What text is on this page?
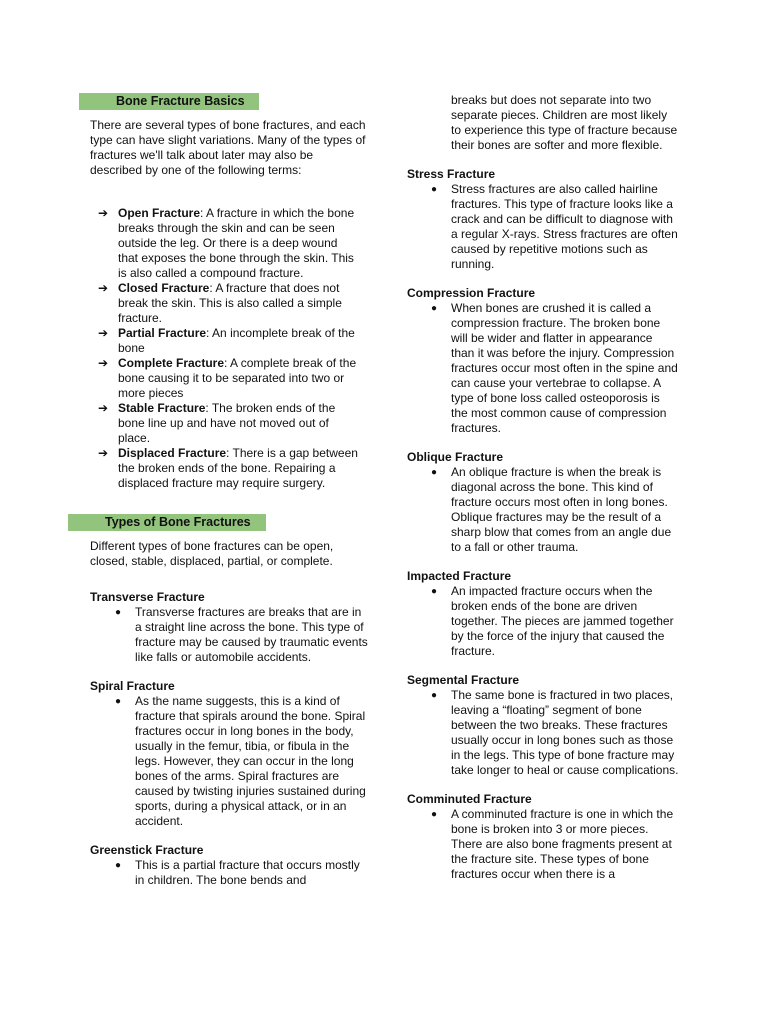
Bone Fracture Basics

There are several types of bone fractures, and each type can have slight variations. Many of the types of fractures we'll talk about later may also be described by one of the following terms:

➔ Open Fracture: A fracture in which the bone breaks through the skin and can be seen outside the leg. Or there is a deep wound that exposes the bone through the skin. This is also called a compound fracture.
➔ Closed Fracture: A fracture that does not break the skin. This is also called a simple fracture.
➔ Partial Fracture: An incomplete break of the bone
➔ Complete Fracture: A complete break of the bone causing it to be separated into two or more pieces
➔ Stable Fracture: The broken ends of the bone line up and have not moved out of place.
➔ Displaced Fracture: There is a gap between the broken ends of the bone. Repairing a displaced fracture may require surgery.
Types of Bone Fractures

Different types of bone fractures can be open, closed, stable, displaced, partial, or complete.

Transverse Fracture

● Transverse fractures are breaks that are in a straight line across the bone. This type of fracture may be caused by traumatic events like falls or automobile accidents.

Spiral Fracture

● As the name suggests, this is a kind of fracture that spirals around the bone. Spiral fractures occur in long bones in the body, usually in the femur, tibia, or fibula in the legs. However, they can occur in the long bones of the arms. Spiral fractures are caused by twisting injuries sustained during sports, during a physical attack, or in an accident.

Greenstick Fracture

● This is a partial fracture that occurs mostly in children. The bone bends and
breaks but does not separate into two separate pieces. Children are most likely to experience this type of fracture because their bones are softer and more flexible.

Stress Fracture

● Stress fractures are also called hairline fractures. This type of fracture looks like a crack and can be difficult to diagnose with a regular X-rays. Stress fractures are often caused by repetitive motions such as running.

Compression Fracture

● When bones are crushed it is called a compression fracture. The broken bone will be wider and flatter in appearance than it was before the injury. Compression fractures occur most often in the spine and can cause your vertebrae to collapse. A type of bone loss called osteoporosis is the most common cause of compression fractures.

Oblique Fracture

● An oblique fracture is when the break is diagonal across the bone. This kind of fracture occurs most often in long bones. Oblique fractures may be the result of a sharp blow that comes from an angle due to a fall or other trauma.

Impacted Fracture

● An impacted fracture occurs when the broken ends of the bone are driven together. The pieces are jammed together by the force of the injury that caused the fracture.

Segmental Fracture

● The same bone is fractured in two places, leaving a “floating” segment of bone between the two breaks. These fractures usually occur in long bones such as those in the legs. This type of bone fracture may take longer to heal or cause complications.

Comminuted Fracture

● A comminuted fracture is one in which the bone is broken into 3 or more pieces. There are also bone fragments present at the fracture site. These types of bone fractures occur when there is a
